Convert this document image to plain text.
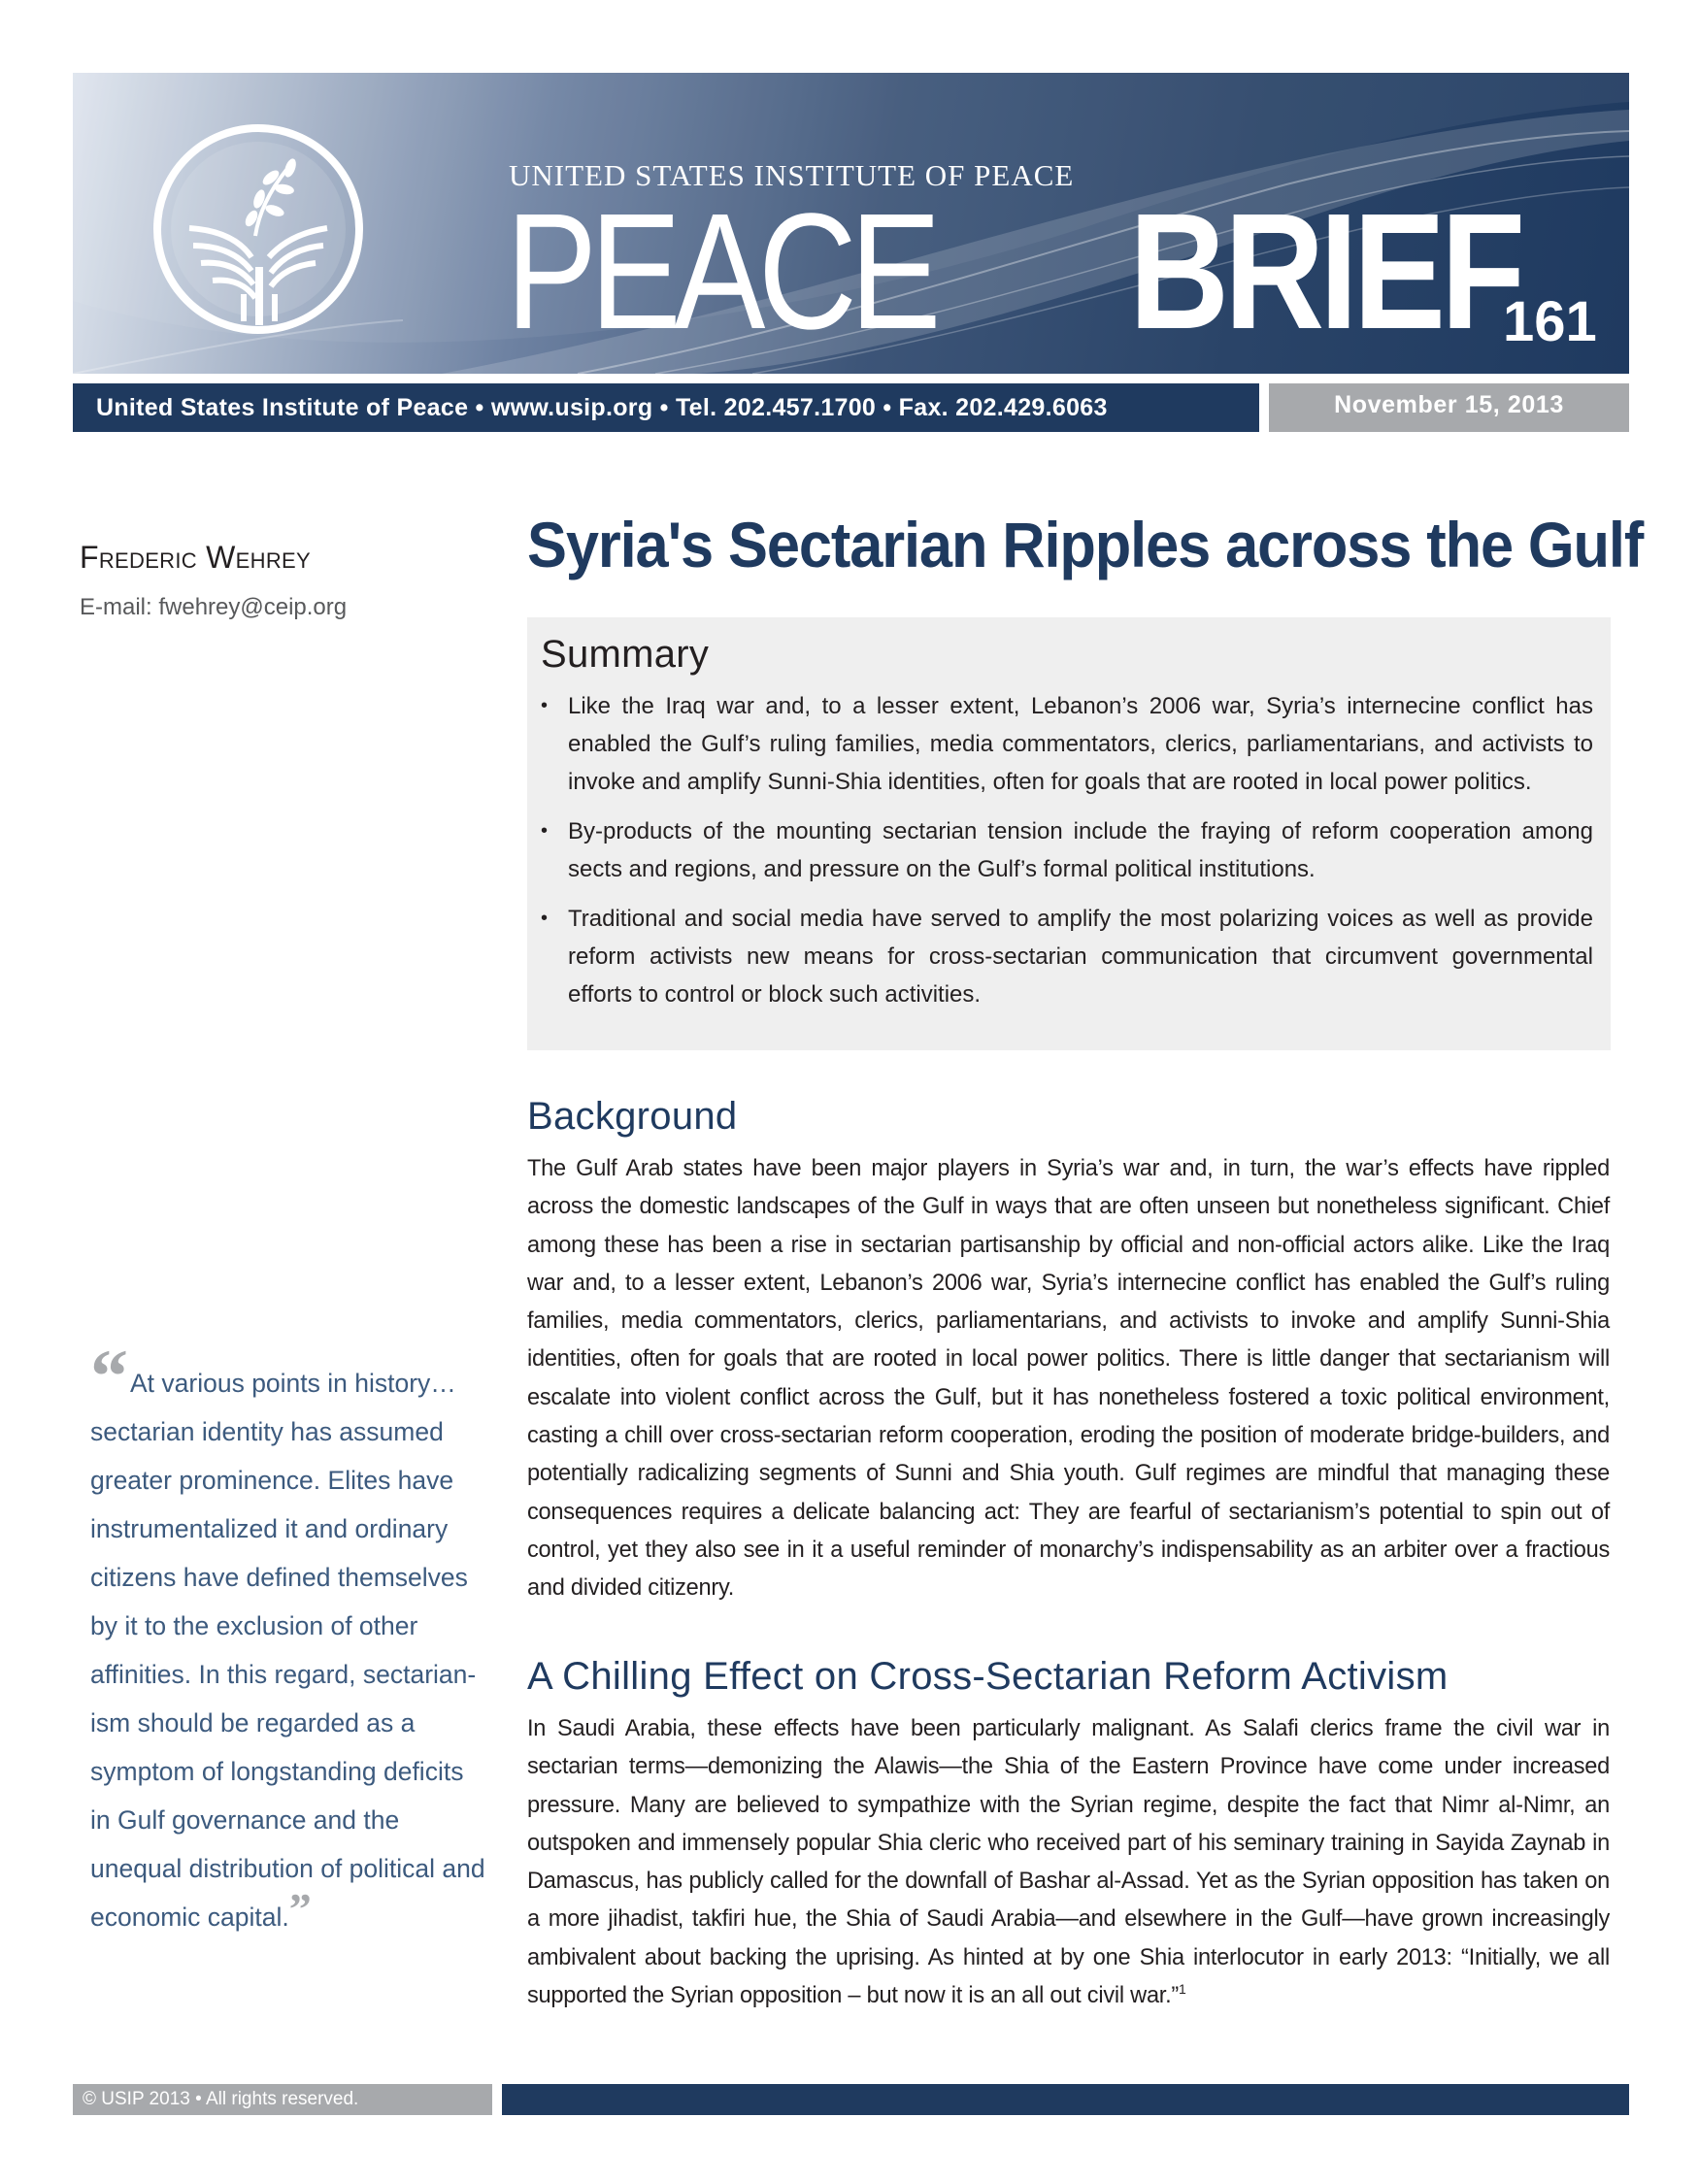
UNITED STATES INSTITUTE OF PEACE
PEACE BRIEF
161
United States Institute of Peace • www.usip.org • Tel. 202.457.1700 • Fax. 202.429.6063	November 15, 2013
Frederic Wehrey
E-mail: fwehrey@ceip.org
“At various points in history… sectarian identity has assumed greater prominence. Elites have instrumentalized it and ordinary citizens have defined themselves by it to the exclusion of other affinities. In this regard, sectarian-ism should be regarded as a symptom of longstanding deficits in Gulf governance and the unequal distribution of political and economic capital.”
Syria's Sectarian Ripples across the Gulf
Summary
• Like the Iraq war and, to a lesser extent, Lebanon’s 2006 war, Syria’s internecine conflict has enabled the Gulf’s ruling families, media commentators, clerics, parliamentarians, and activists to invoke and amplify Sunni-Shia identities, often for goals that are rooted in local power politics.
• By-products of the mounting sectarian tension include the fraying of reform cooperation among sects and regions, and pressure on the Gulf’s formal political institutions.
• Traditional and social media have served to amplify the most polarizing voices as well as provide reform activists new means for cross-sectarian communication that circumvent governmental efforts to control or block such activities.
Background

The Gulf Arab states have been major players in Syria’s war and, in turn, the war’s effects have rippled across the domestic landscapes of the Gulf in ways that are often unseen but nonetheless significant. Chief among these has been a rise in sectarian partisanship by official and non-official actors alike. Like the Iraq war and, to a lesser extent, Lebanon’s 2006 war, Syria’s internecine conflict has enabled the Gulf’s ruling families, media commentators, clerics, parliamentarians, and activists to invoke and amplify Sunni-Shia identities, often for goals that are rooted in local power politics. There is little danger that sectarianism will escalate into violent conflict across the Gulf, but it has nonetheless fostered a toxic political environment, casting a chill over cross-sectarian reform cooperation, eroding the position of moderate bridge-builders, and potentially radicalizing segments of Sunni and Shia youth. Gulf regimes are mindful that managing these consequences requires a delicate balancing act: They are fearful of sectarianism’s potential to spin out of control, yet they also see in it a useful reminder of monarchy’s indispensability as an arbiter over a fractious and divided citizenry.

A Chilling Effect on Cross-Sectarian Reform Activism

In Saudi Arabia, these effects have been particularly malignant. As Salafi clerics frame the civil war in sectarian terms—demonizing the Alawis—the Shia of the Eastern Province have come under increased pressure. Many are believed to sympathize with the Syrian regime, despite the fact that Nimr al-Nimr, an outspoken and immensely popular Shia cleric who received part of his seminary training in Sayida Zaynab in Damascus, has publicly called for the downfall of Bashar al-Assad. Yet as the Syrian opposition has taken on a more jihadist, takfiri hue, the Shia of Saudi Arabia—and elsewhere in the Gulf—have grown increasingly ambivalent about backing the uprising. As hinted at by one Shia interlocutor in early 2013: “Initially, we all supported the Syrian opposition – but now it is an all out civil war.”$^1$

© USIP 2013 • All rights reserved.
